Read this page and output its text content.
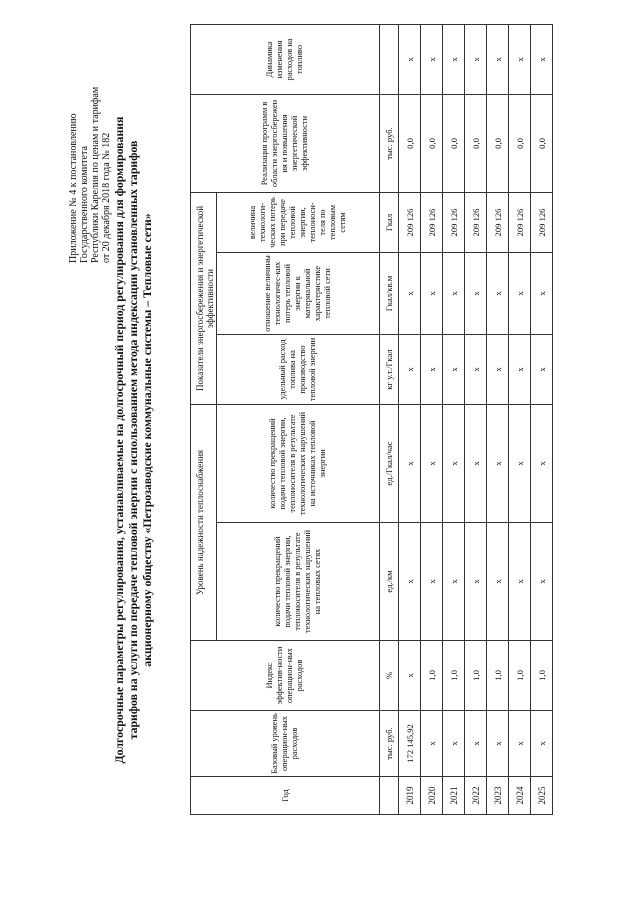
Приложение № 4 к постановлению Государственного комитета Республики Карелия по ценам и тарифам от 20 декабря 2018 года № 182 Долгосрочные параметры регулирования, устанавливаемые на долгосрочный период регулирования для формирования тарифов на услуги по передаче тепловой энергии с использованием метода индексации установленных тарифов акционерному обществу «Петрозаводские коммунальные системы – Тепловые сети»
Год	Базовый уровень операцион-ных расходов	Индекс эффектив-ности операцион-ных расходов	Уровень надежности теплоснабжения		Показатели энергосбережения и энергетической эффективности			Реализация программ в области энергосбережен ия и повышения энергетической эффективности	Динамика изменения расходов на топливо
			количество прекращений подачи тепловой энергии, теплоносителя в результате технологических нарушений на тепловых сетях	количество прекращений подачи тепловой энергии, теплоносителя в результате технологических нарушений на источниках тепловой энергии	удельный расход топлива на производство тепловой энергии	отношение величины технологичес-ких потерь тепловой энергии к материальной характеристике тепловой сети	величина технологи-ческих потерь при передаче тепловой энергии, теплоноси-теля по тепловым сетям		
	тыс. руб.	%	ед./км	ед./Гкал/час	кг у.т./Гкал	Гкал/кв.м	Гкал	тыс. руб.	
2019	172 145,92	х	х	х	х	х	209 126	0,0	х
2020	х	1,0	х	х	х	х	209 126	0,0	х
2021	х	1,0	х	х	х	х	209 126	0,0	х
2022	х	1,0	х	х	х	х	209 126	0,0	х
2023	х	1,0	х	х	х	х	209 126	0,0	х
2024	х	1,0	х	х	х	х	209 126	0,0	х
2025	х	1,0	х	х	х	х	209 126	0,0	х
